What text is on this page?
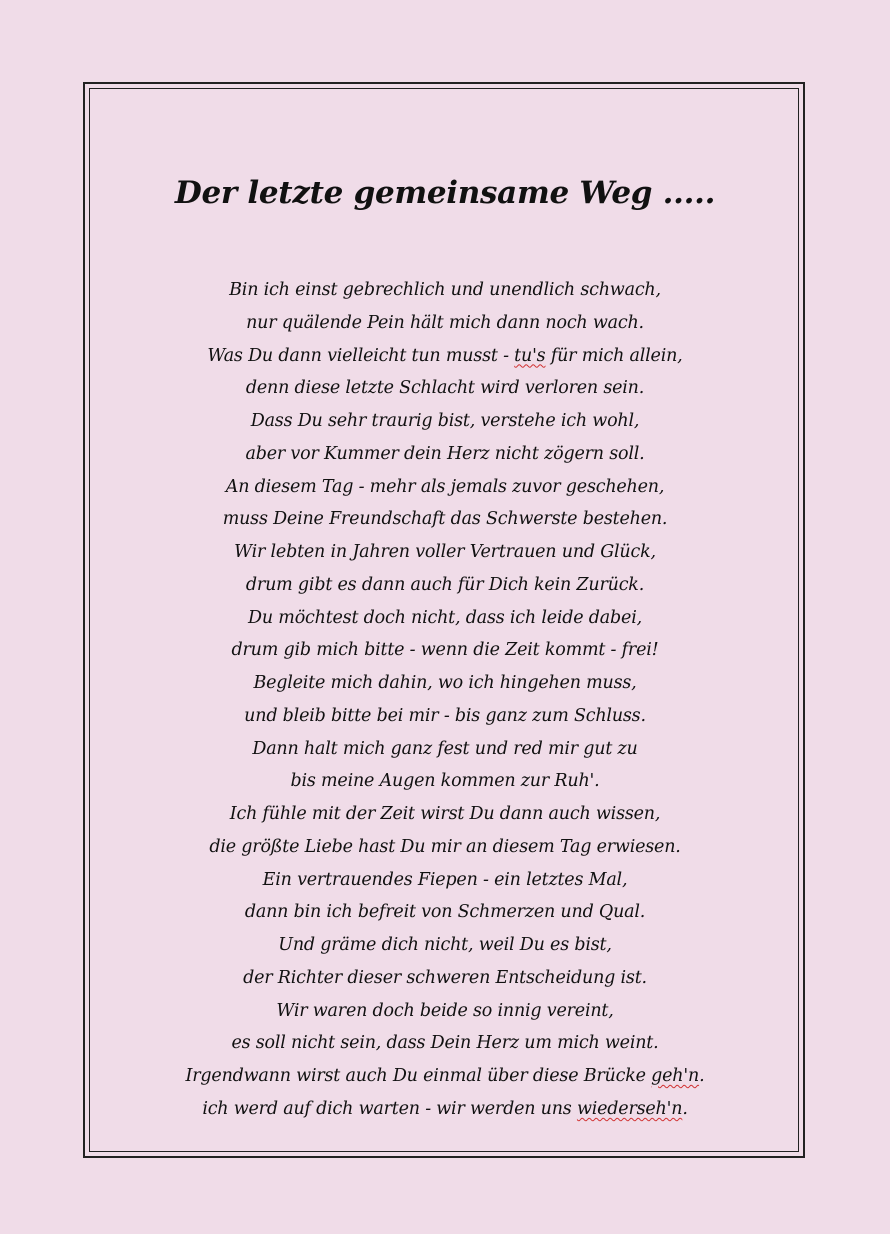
Der letzte gemeinsame Weg .....
Bin ich einst gebrechlich und unendlich schwach,
nur quälende Pein hält mich dann noch wach.
Was Du dann vielleicht tun musst - tu's für mich allein,
denn diese letzte Schlacht wird verloren sein.
Dass Du sehr traurig bist, verstehe ich wohl,
aber vor Kummer dein Herz nicht zögern soll.
An diesem Tag - mehr als jemals zuvor geschehen,
muss Deine Freundschaft das Schwerste bestehen.
Wir lebten in Jahren voller Vertrauen und Glück,
drum gibt es dann auch für Dich kein Zurück.
Du möchtest doch nicht, dass ich leide dabei,
drum gib mich bitte - wenn die Zeit kommt - frei!
Begleite mich dahin, wo ich hingehen muss,
und bleib bitte bei mir - bis ganz zum Schluss.
Dann halt mich ganz fest und red mir gut zu
bis meine Augen kommen zur Ruh'.
Ich fühle mit der Zeit wirst Du dann auch wissen,
die größte Liebe hast Du mir an diesem Tag erwiesen.
Ein vertrauendes Fiepen - ein letztes Mal,
dann bin ich befreit von Schmerzen und Qual.
Und gräme dich nicht, weil Du es bist,
der Richter dieser schweren Entscheidung ist.
Wir waren doch beide so innig vereint,
es soll nicht sein, dass Dein Herz um mich weint.
Irgendwann wirst auch Du einmal über diese Brücke geh'n.
ich werd auf dich warten - wir werden uns wiederseh'n.
